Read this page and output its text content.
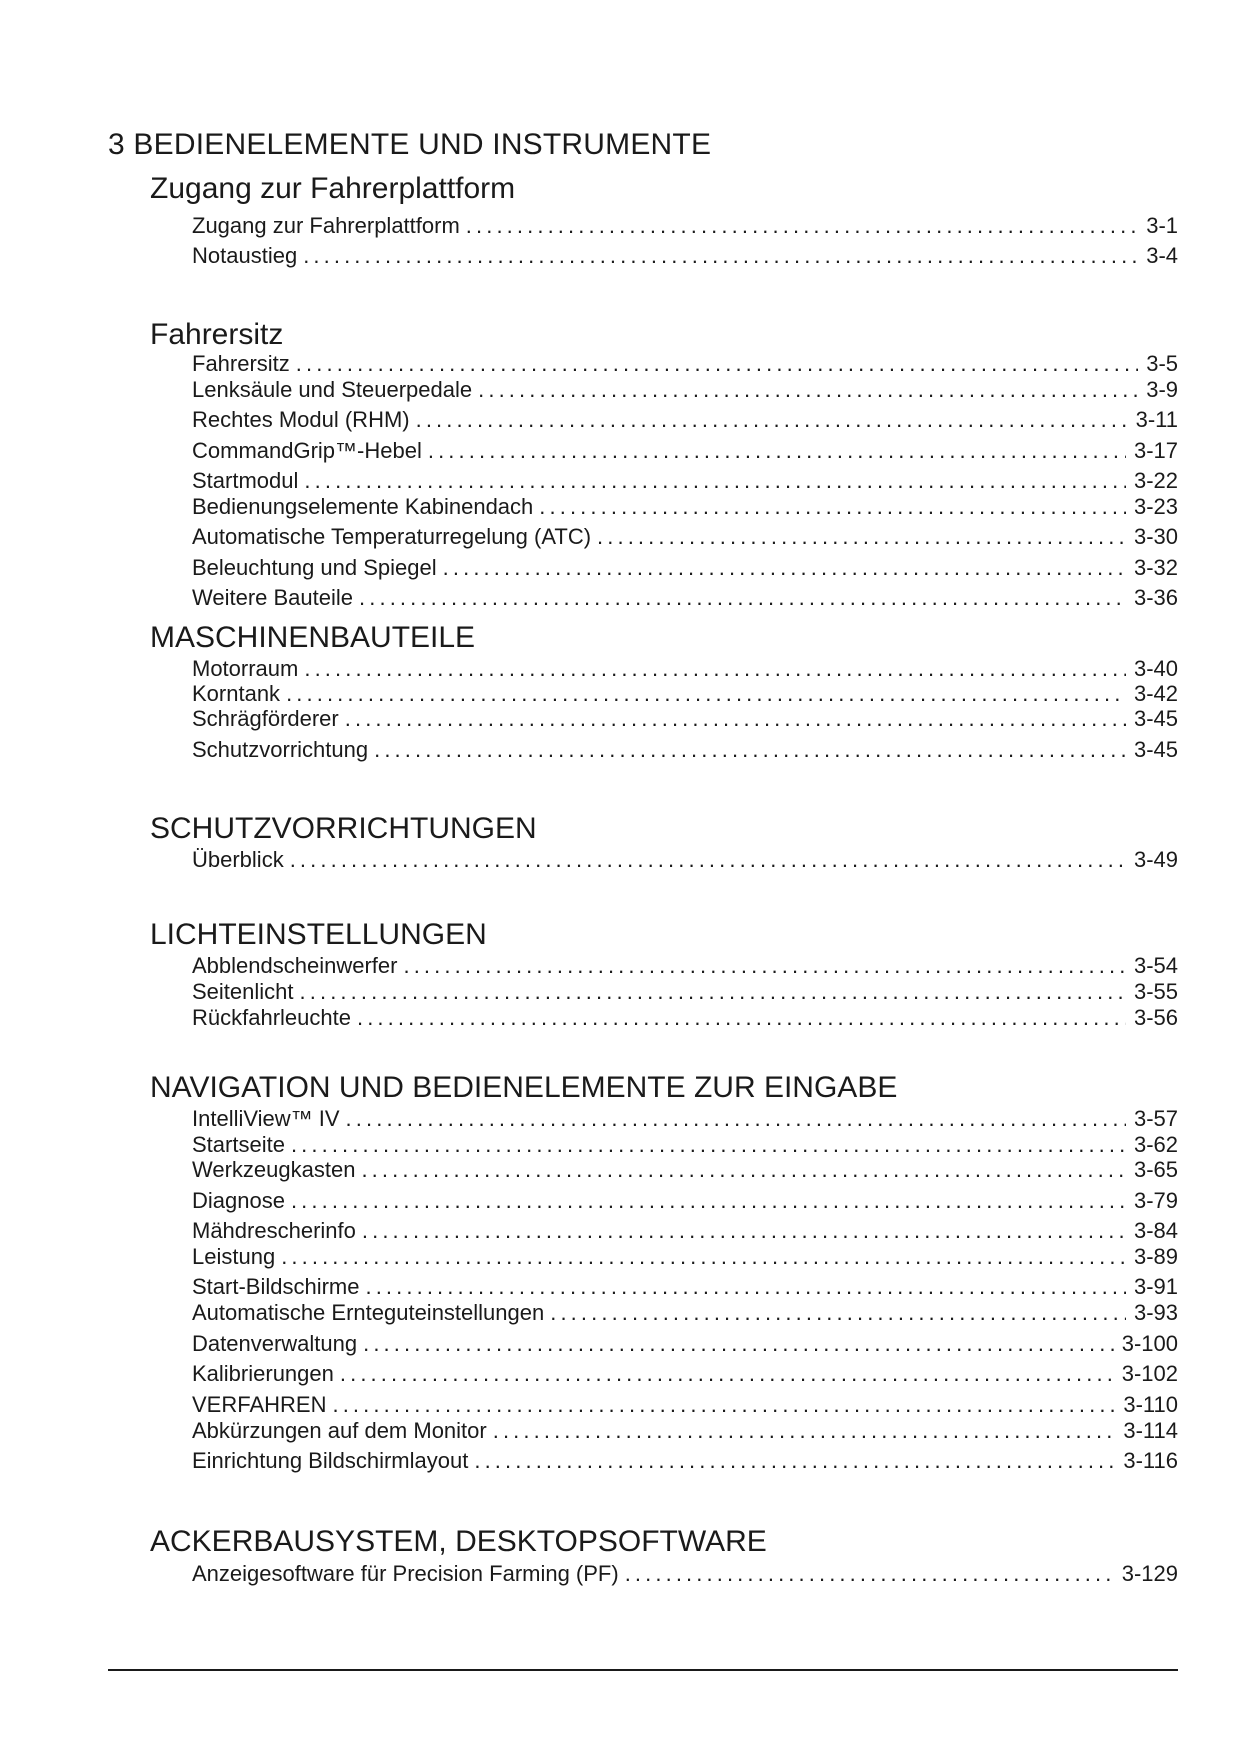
3 BEDIENELEMENTE UND INSTRUMENTE
Zugang zur Fahrerplattform
Zugang zur Fahrerplattform . . .	3-1
Notaustieg . . .	3-4
Fahrersitz
Fahrersitz . . .	3-5
Lenksäule und Steuerpedale . . .	3-9
Rechtes Modul (RHM) . . .	3-11
CommandGrip™-Hebel . . .	3-17
Startmodul . . .	3-22
Bedienungselemente Kabinendach . . .	3-23
Automatische Temperaturregelung (ATC) . . .	3-30
Beleuchtung und Spiegel . . .	3-32
Weitere Bauteile . . .	3-36
MASCHINENBAUTEILE
Motorraum . . .	3-40
Korntank . . .	3-42
Schrägförderer . . .	3-45
Schutzvorrichtung . . .	3-45
SCHUTZVORRICHTUNGEN
Überblick . . .	3-49
LICHTEINSTELLUNGEN
Abblendscheinwerfer . . .	3-54
Seitenlicht . . .	3-55
Rückfahrleuchte . . .	3-56
NAVIGATION UND BEDIENELEMENTE ZUR EINGABE
IntelliView™ IV . . .	3-57
Startseite . . .	3-62
Werkzeugkasten . . .	3-65
Diagnose . . .	3-79
Mähdrescherinfo . . .	3-84
Leistung . . .	3-89
Start-Bildschirme . . .	3-91
Automatische Ernteguteinstellungen . . .	3-93
Datenverwaltung . . .	3-100
Kalibrierungen . . .	3-102
VERFAHREN . . .	3-110
Abkürzungen auf dem Monitor . . .	3-114
Einrichtung Bildschirmlayout . . .	3-116
ACKERBAUSYSTEM, DESKTOPSOFTWARE
Anzeigesoftware für Precision Farming (PF) . . .	3-129
